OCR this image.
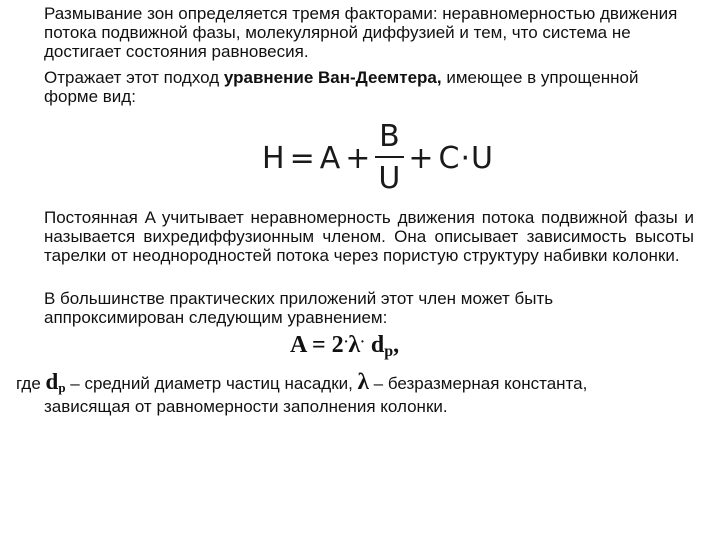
Размывание зон определяется тремя факторами: неравномерностью движения потока подвижной фазы, молекулярной диффузией и тем, что система не достигает состояния равновесия.

Отражает этот подход уравнение Ван-Деемтера, имеющее в упрощенной форме вид:

$H = A + \frac{B}{U} + C \cdot U$

Постоянная A учитывает неравномерность движения потока подвижной фазы и называется вихредиффузионным членом. Она описывает зависимость высоты тарелки от неоднородностей потока через пористую структуру набивки колонки.

В большинстве практических приложений этот член может быть аппроксимирован следующим уравнением:

A = 2·λ· $d_p$,

где dp – средний диаметр частиц насадки, λ – безразмерная константа,
зависящая от равномерности заполнения колонки.
